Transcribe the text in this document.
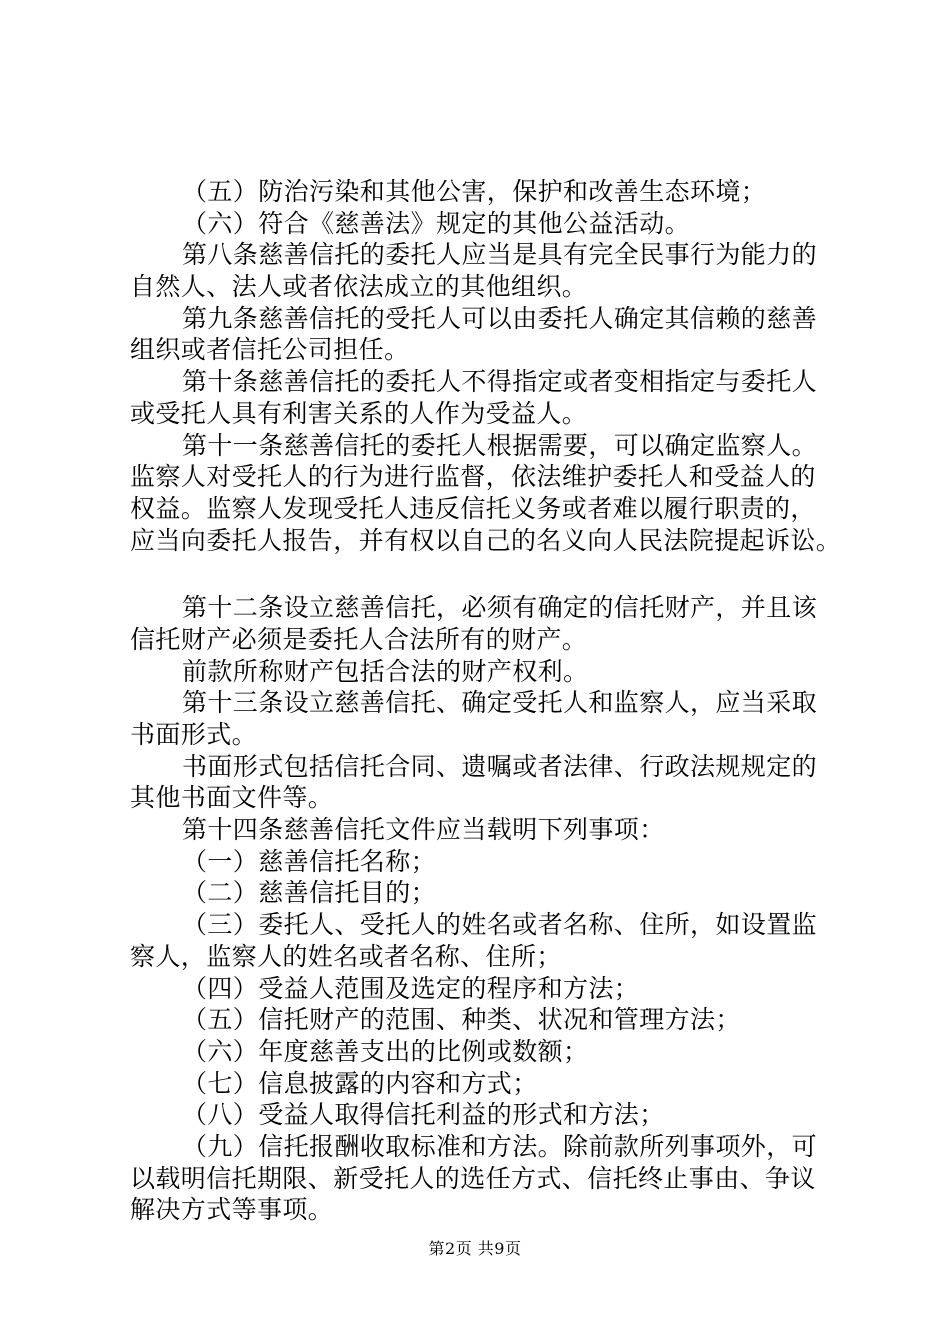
（五）防治污染和其他公害，保护和改善生态环境；
（六）符合《慈善法》规定的其他公益活动。
第八条慈善信托的委托人应当是具有完全民事行为能力的
自然人、法人或者依法成立的其他组织。
第九条慈善信托的受托人可以由委托人确定其信赖的慈善
组织或者信托公司担任。
第十条慈善信托的委托人不得指定或者变相指定与委托人
或受托人具有利害关系的人作为受益人。
第十一条慈善信托的委托人根据需要，可以确定监察人。
监察人对受托人的行为进行监督，依法维护委托人和受益人的
权益。监察人发现受托人违反信托义务或者难以履行职责的，
应当向委托人报告，并有权以自己的名义向人民法院提起诉讼。
第十二条设立慈善信托，必须有确定的信托财产，并且该
信托财产必须是委托人合法所有的财产。
前款所称财产包括合法的财产权利。
第十三条设立慈善信托、确定受托人和监察人，应当采取
书面形式。
书面形式包括信托合同、遗嘱或者法律、行政法规规定的
其他书面文件等。
第十四条慈善信托文件应当载明下列事项：
（一）慈善信托名称；
（二）慈善信托目的；
（三）委托人、受托人的姓名或者名称、住所，如设置监
察人，监察人的姓名或者名称、住所；
（四）受益人范围及选定的程序和方法；
（五）信托财产的范围、种类、状况和管理方法；
（六）年度慈善支出的比例或数额；
（七）信息披露的内容和方式；
（八）受益人取得信托利益的形式和方法；
（九）信托报酬收取标准和方法。除前款所列事项外，可
以载明信托期限、新受托人的选任方式、信托终止事由、争议
解决方式等事项。
第2页 共9页
